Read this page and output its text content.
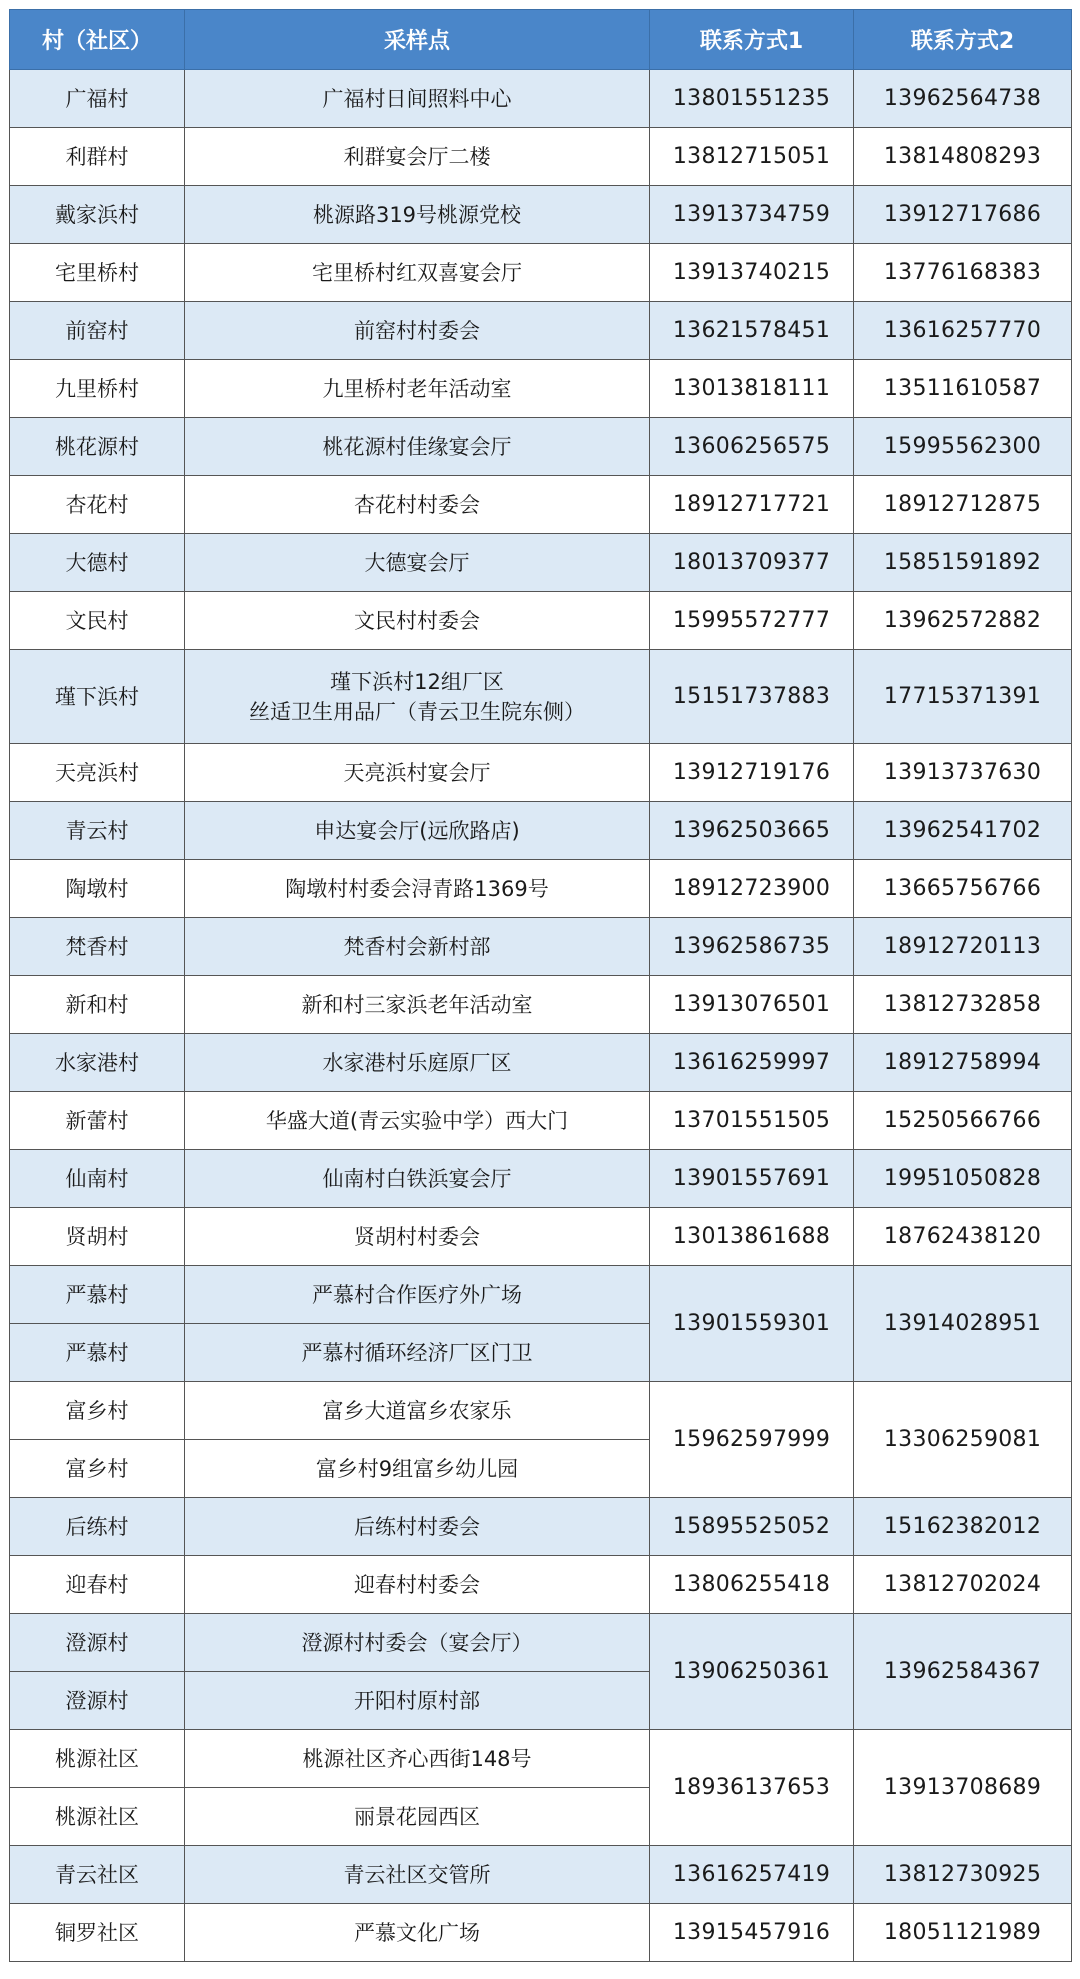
村（社区）	采样点	联系方式1	联系方式2
广福村	广福村日间照料中心	13801551235	13962564738
利群村	利群宴会厅二楼	13812715051	13814808293
戴家浜村	桃源路319号桃源党校	13913734759	13912717686
宅里桥村	宅里桥村红双喜宴会厅	13913740215	13776168383
前窑村	前窑村村委会	13621578451	13616257770
九里桥村	九里桥村老年活动室	13013818111	13511610587
桃花源村	桃花源村佳缘宴会厅	13606256575	15995562300
杏花村	杏花村村委会	18912717721	18912712875
大德村	大德宴会厅	18013709377	15851591892
文民村	文民村村委会	15995572777	13962572882
瑾下浜村	瑾下浜村12组厂区
丝适卫生用品厂（青云卫生院东侧）	15151737883	17715371391
天亮浜村	天亮浜村宴会厅	13912719176	13913737630
青云村	申达宴会厅(远欣路店)	13962503665	13962541702
陶墩村	陶墩村村委会浔青路1369号	18912723900	13665756766
梵香村	梵香村会新村部	13962586735	18912720113
新和村	新和村三家浜老年活动室	13913076501	13812732858
水家港村	水家港村乐庭原厂区	13616259997	18912758994
新蕾村	华盛大道(青云实验中学）西大门	13701551505	15250566766
仙南村	仙南村白铁浜宴会厅	13901557691	19951050828
贤胡村	贤胡村村委会	13013861688	18762438120
严慕村	严慕村合作医疗外广场	13901559301	13914028951
严慕村	严慕村循环经济厂区门卫		
富乡村	富乡大道富乡农家乐	15962597999	13306259081
富乡村	富乡村9组富乡幼儿园		
后练村	后练村村委会	15895525052	15162382012
迎春村	迎春村村委会	13806255418	13812702024
澄源村	澄源村村委会（宴会厅）	13906250361	13962584367
澄源村	开阳村原村部		
桃源社区	桃源社区齐心西街148号	18936137653	13913708689
桃源社区	丽景花园西区		
青云社区	青云社区交管所	13616257419	13812730925
铜罗社区	严慕文化广场	13915457916	18051121989
